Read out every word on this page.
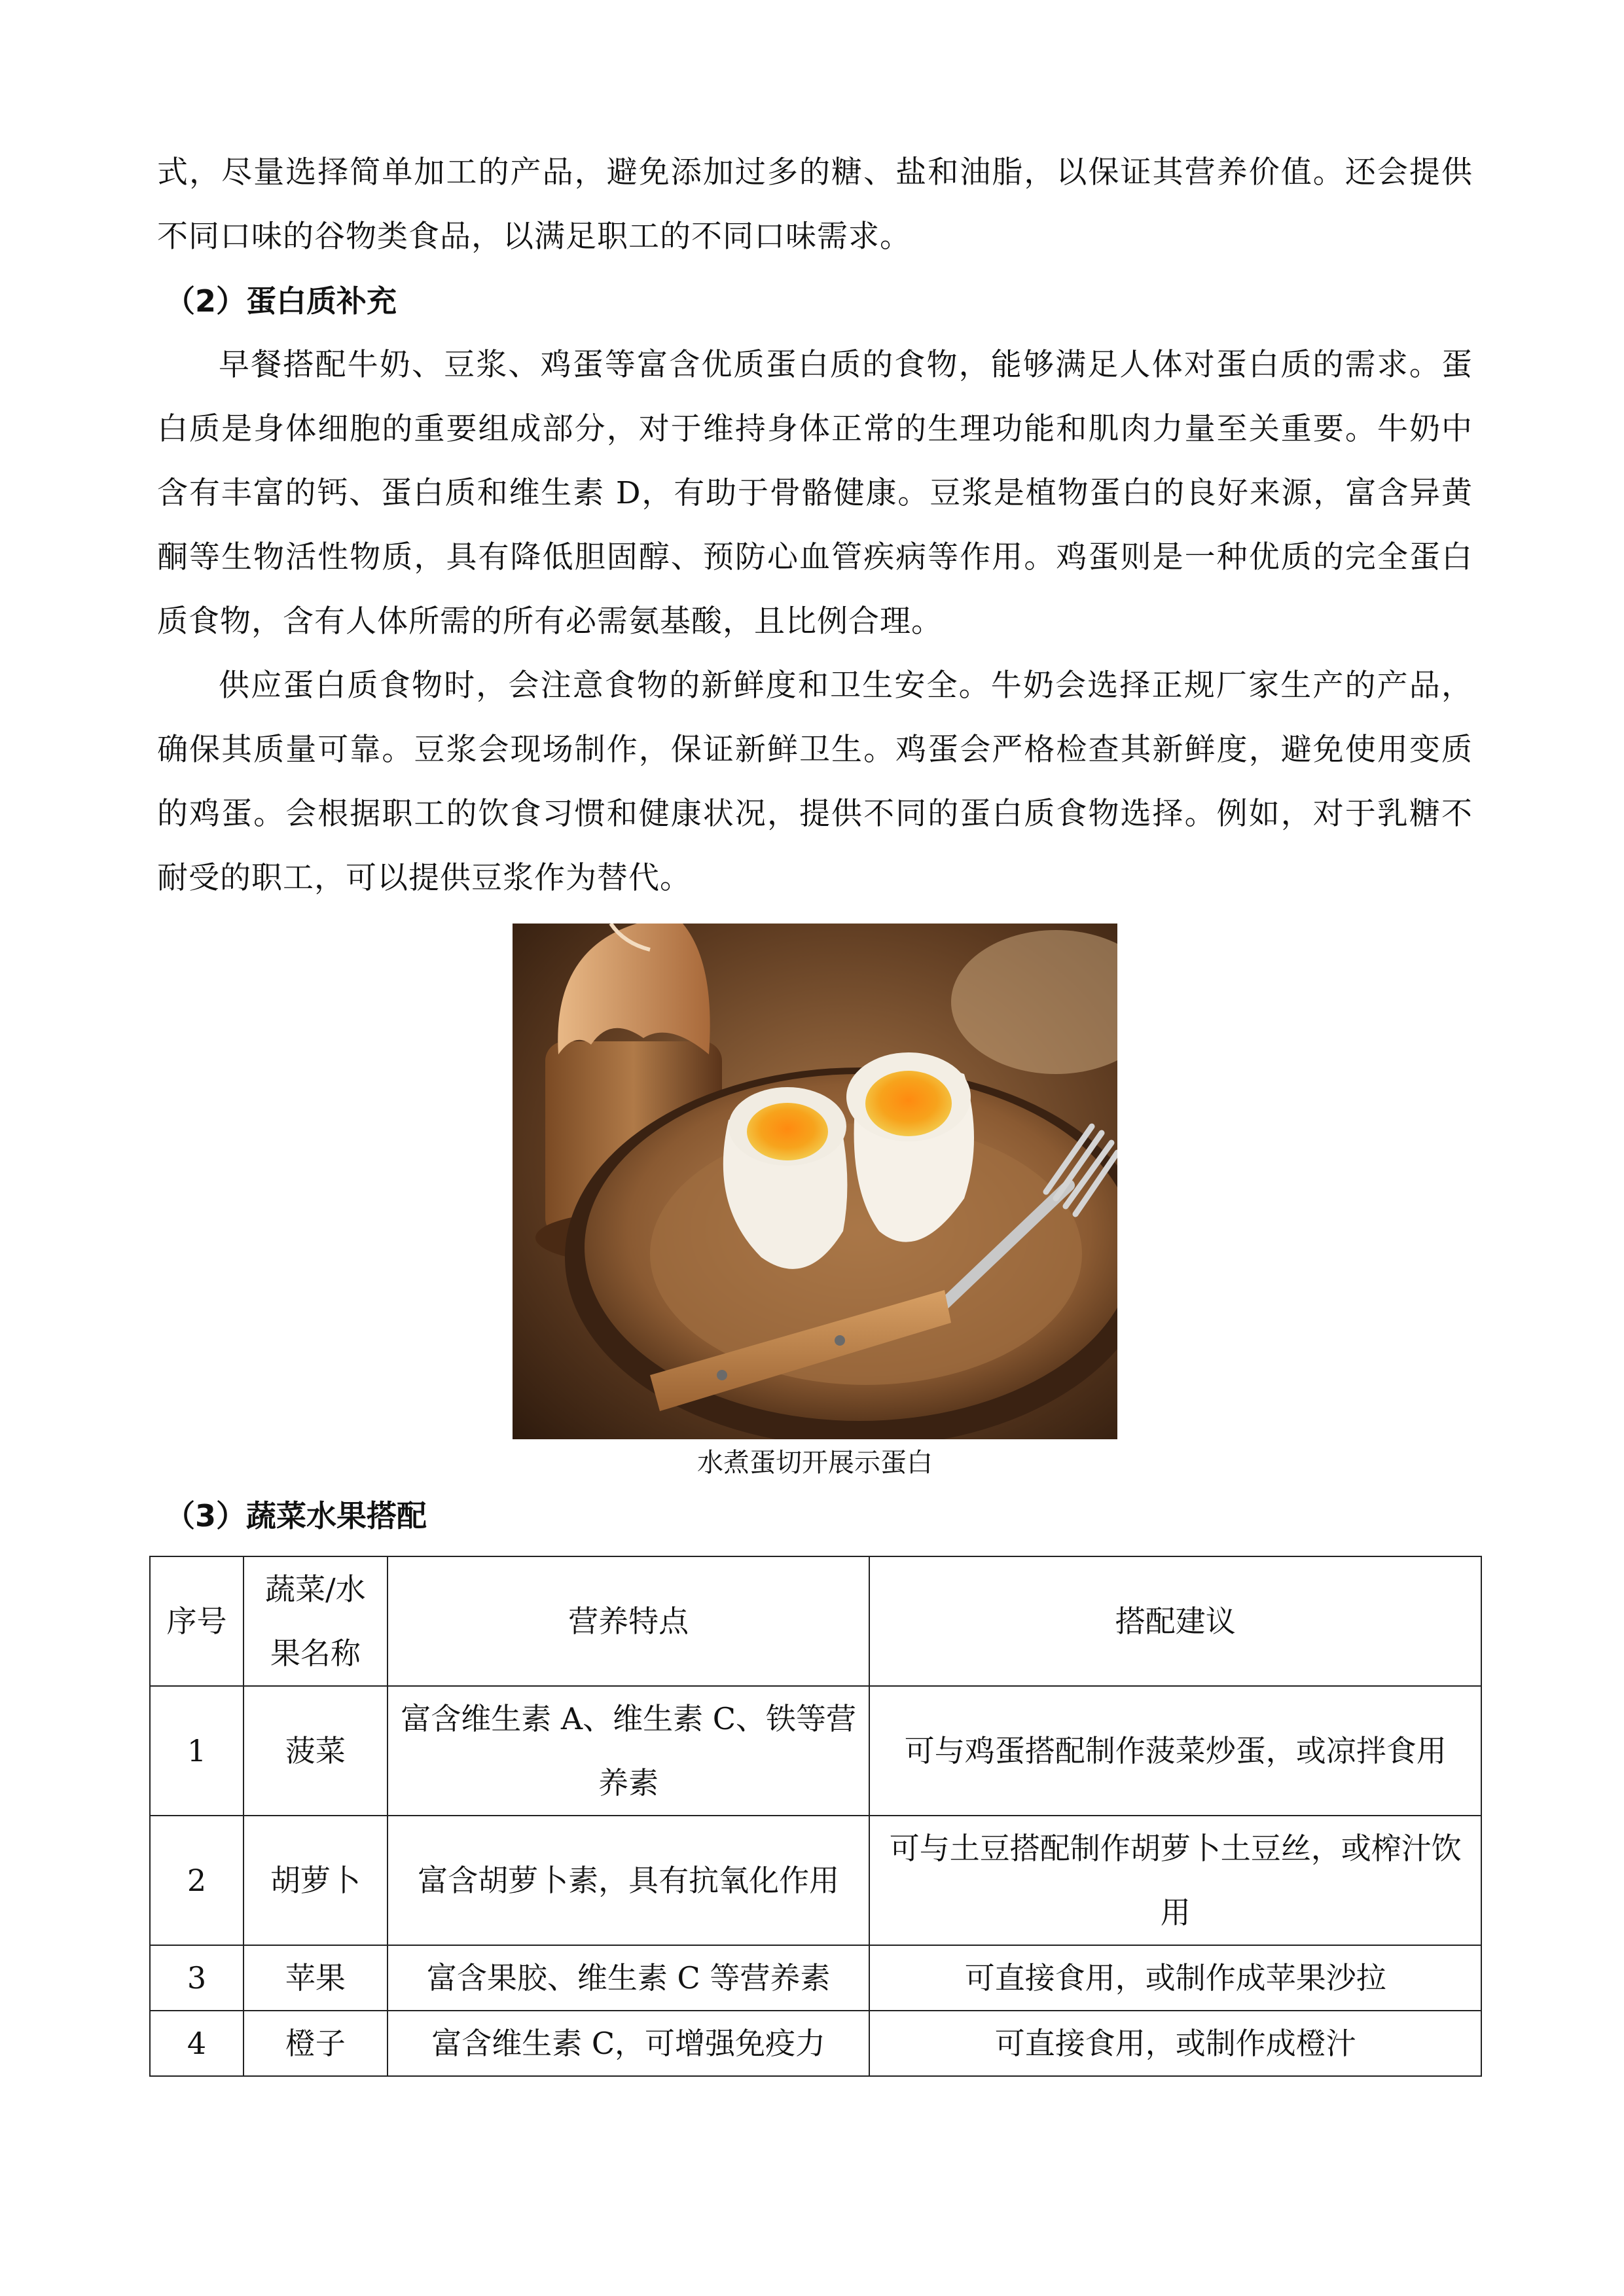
式，尽量选择简单加工的产品，避免添加过多的糖、盐和油脂，以保证其营养价值。还会提供不同口味的谷物类食品，以满足职工的不同口味需求。

（2）蛋白质补充

早餐搭配牛奶、豆浆、鸡蛋等富含优质蛋白质的食物，能够满足人体对蛋白质的需求。蛋白质是身体细胞的重要组成部分，对于维持身体正常的生理功能和肌肉力量至关重要。牛奶中含有丰富的钙、蛋白质和维生素 D，有助于骨骼健康。豆浆是植物蛋白的良好来源，富含异黄酮等生物活性物质，具有降低胆固醇、预防心血管疾病等作用。鸡蛋则是一种优质的完全蛋白质食物，含有人体所需的所有必需氨基酸，且比例合理。

供应蛋白质食物时，会注意食物的新鲜度和卫生安全。牛奶会选择正规厂家生产的产品，确保其质量可靠。豆浆会现场制作，保证新鲜卫生。鸡蛋会严格检查其新鲜度，避免使用变质的鸡蛋。会根据职工的饮食习惯和健康状况，提供不同的蛋白质食物选择。例如，对于乳糖不耐受的职工，可以提供豆浆作为替代。

水煮蛋切开展示蛋白

（3）蔬菜水果搭配

序号	蔬菜/水果名称	营养特点	搭配建议
1	菠菜	富含维生素 A、维生素 C、铁等营养素	可与鸡蛋搭配制作菠菜炒蛋，或凉拌食用
2	胡萝卜	富含胡萝卜素，具有抗氧化作用	可与土豆搭配制作胡萝卜土豆丝，或榨汁饮用
3	苹果	富含果胶、维生素 C 等营养素	可直接食用，或制作成苹果沙拉
4	橙子	富含维生素 C，可增强免疫力	可直接食用，或制作成橙汁
